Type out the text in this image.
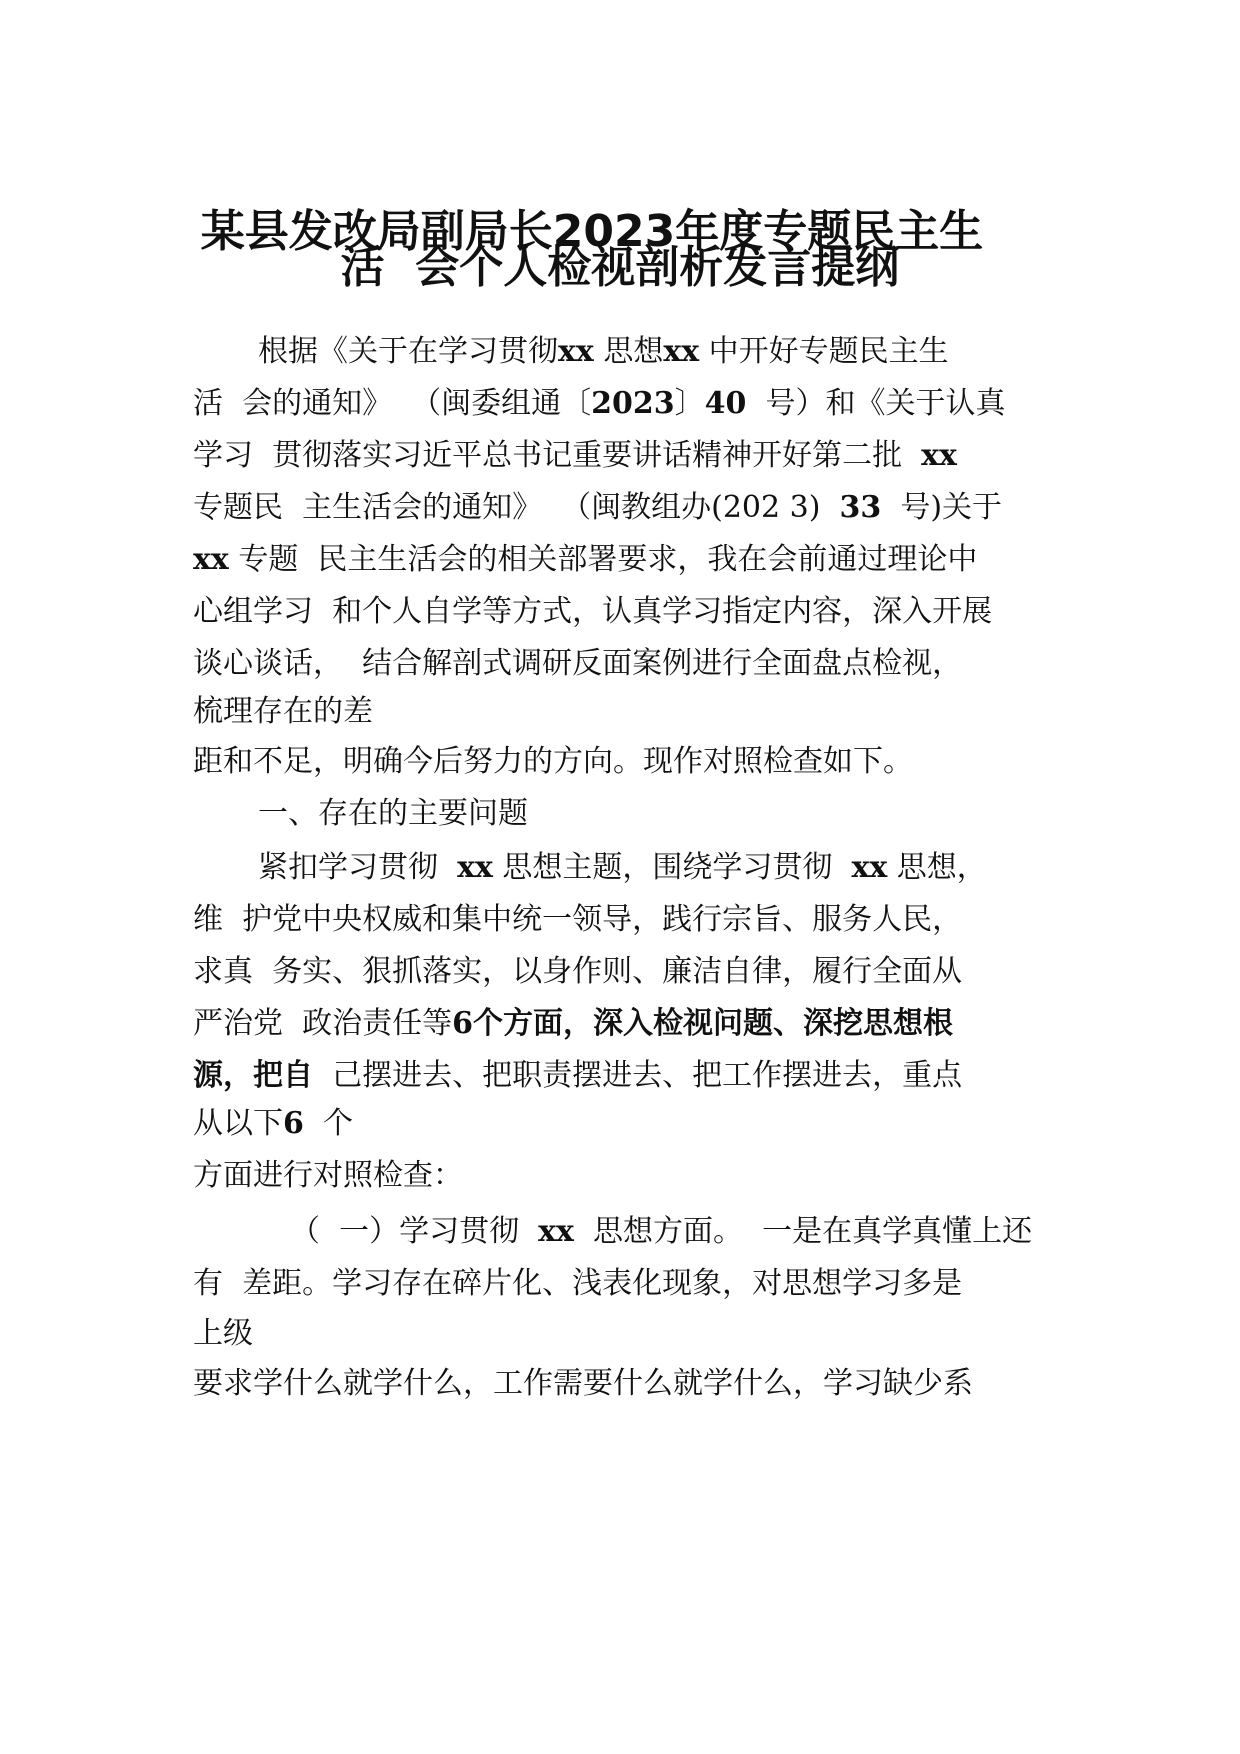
某县发改局副局长2023年度专题民主生
活  会个人检视剖析发言提纲

根据《关于在学习贯彻xx 思想xx 中开好专题民主生

活  会的通知》  （闽委组通〔2023〕40  号）和《关于认真

学习  贯彻落实习近平总书记重要讲话精神开好第二批  xx

专题民  主生活会的通知》  （闽教组办(202 3)  33  号)关于

xx 专题  民主生活会的相关部署要求，我在会前通过理论中

心组学习  和个人自学等方式，认真学习指定内容，深入开展

谈心谈话，  结合解剖式调研反面案例进行全面盘点检视，

梳理存在的差

距和不足，明确今后努力的方向。现作对照检查如下。

一、存在的主要问题

紧扣学习贯彻  xx 思想主题，围绕学习贯彻  xx 思想，

维  护党中央权威和集中统一领导，践行宗旨、服务人民，

求真  务实、狠抓落实，以身作则、廉洁自律，履行全面从

严治党  政治责任等6个方面，深入检视问题、深挖思想根

源，把自  己摆进去、把职责摆进去、把工作摆进去，重点

从以下6  个

方面进行对照检查：

（  一）学习贯彻  xx  思想方面。  一是在真学真懂上还

有  差距。学习存在碎片化、浅表化现象，对思想学习多是

上级

要求学什么就学什么，工作需要什么就学什么，学习缺少系
